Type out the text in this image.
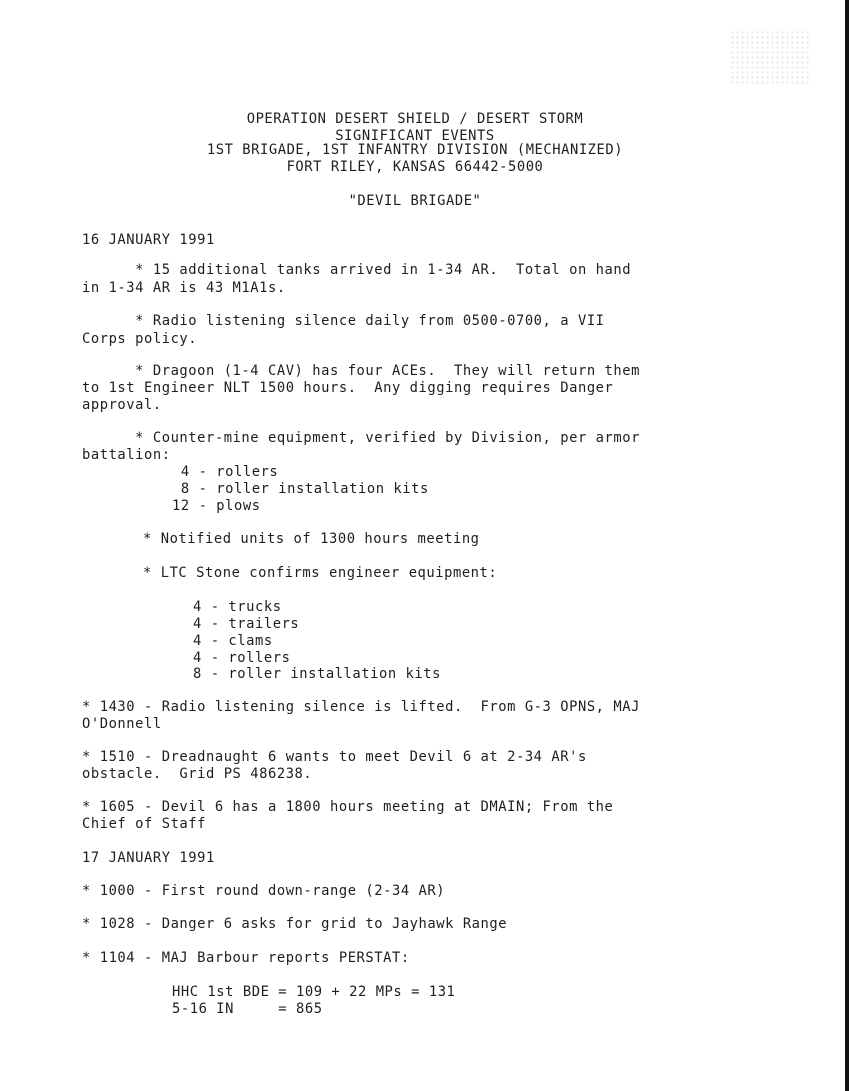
OPERATION DESERT SHIELD / DESERT STORM
SIGNIFICANT EVENTS
1ST BRIGADE, 1ST INFANTRY DIVISION (MECHANIZED)
FORT RILEY, KANSAS 66442-5000
"DEVIL BRIGADE"
16 JANUARY 1991
* 15 additional tanks arrived in 1-34 AR.  Total on hand
in 1-34 AR is 43 M1A1s.
* Radio listening silence daily from 0500-0700, a VII
Corps policy.
* Dragoon (1-4 CAV) has four ACEs.  They will return them
to 1st Engineer NLT 1500 hours.  Any digging requires Danger
approval.
* Counter-mine equipment, verified by Division, per armor
battalion:
4 - rollers
8 - roller installation kits
12 - plows
* Notified units of 1300 hours meeting
* LTC Stone confirms engineer equipment:
4 - trucks
4 - trailers
4 - clams
4 - rollers
8 - roller installation kits
* 1430 - Radio listening silence is lifted.  From G-3 OPNS, MAJ
O'Donnell
* 1510 - Dreadnaught 6 wants to meet Devil 6 at 2-34 AR's
obstacle.  Grid PS 486238.
* 1605 - Devil 6 has a 1800 hours meeting at DMAIN; From the
Chief of Staff
17 JANUARY 1991
* 1000 - First round down-range (2-34 AR)
* 1028 - Danger 6 asks for grid to Jayhawk Range
* 1104 - MAJ Barbour reports PERSTAT:
HHC 1st BDE = 109 + 22 MPs = 131
5-16 IN     = 865
